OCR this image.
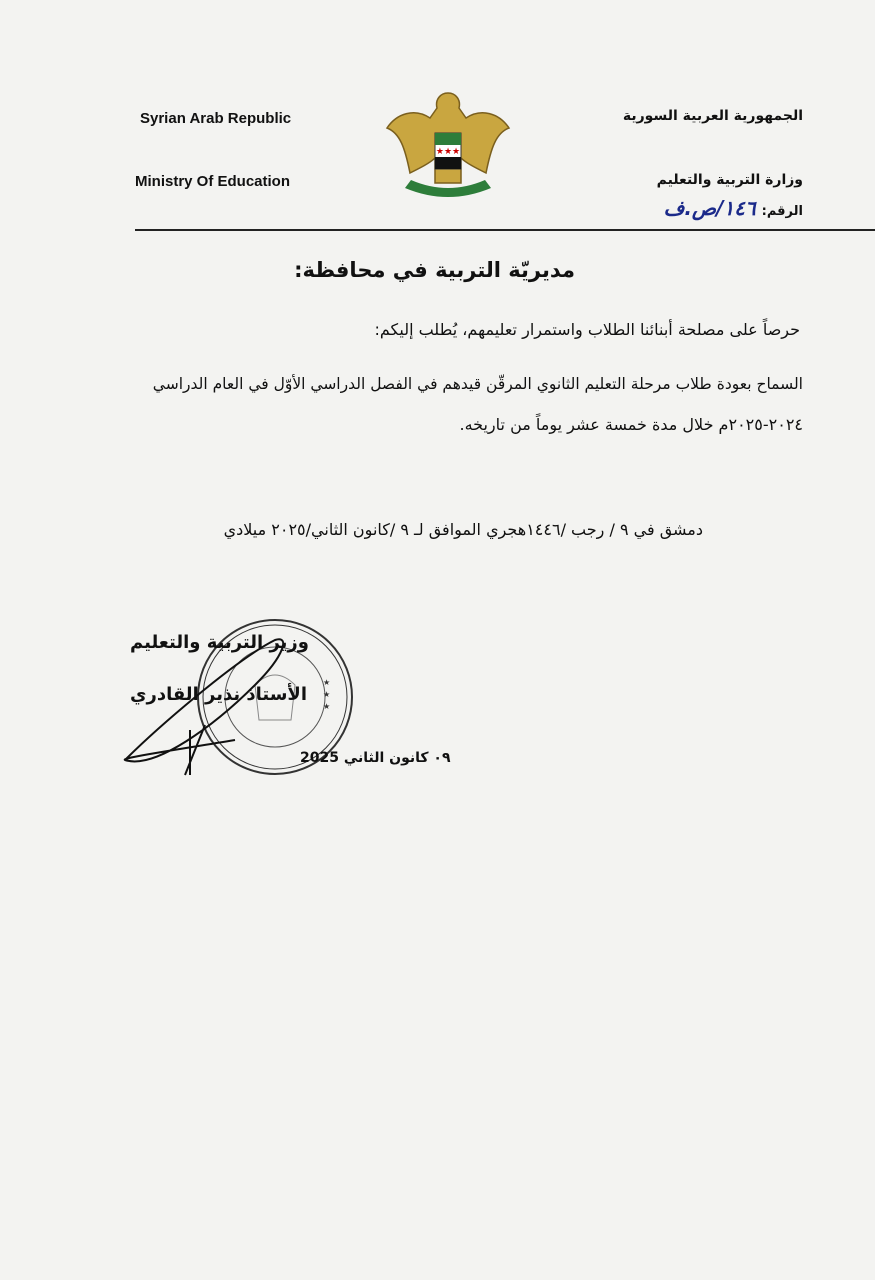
Syrian Arab Republic
Ministry Of Education
★★★
الجمهورية العربية السورية
وزارة التربية والتعليم
الرقم:
١٤٦/ص.ف
مديريّة التربية في محافظة:
حرصاً على مصلحة أبنائنا الطلاب واستمرار تعليمهم، يُطلب إليكم:
السماح بعودة طلاب مرحلة التعليم الثانوي المرقّن قيدهم في الفصل الدراسي الأوّل في العام الدراسي
٢٠٢٤-٢٠٢٥م خلال مدة خمسة عشر يوماً من تاريخه.
دمشق في ٩ / رجب /١٤٤٦هجري الموافق لـ ٩ /كانون الثاني/٢٠٢٥ ميلادي
★
★
★
وزير التربية والتعليم
الأستاذ نذير القادري
٠٩ كانون الثاني 2025
